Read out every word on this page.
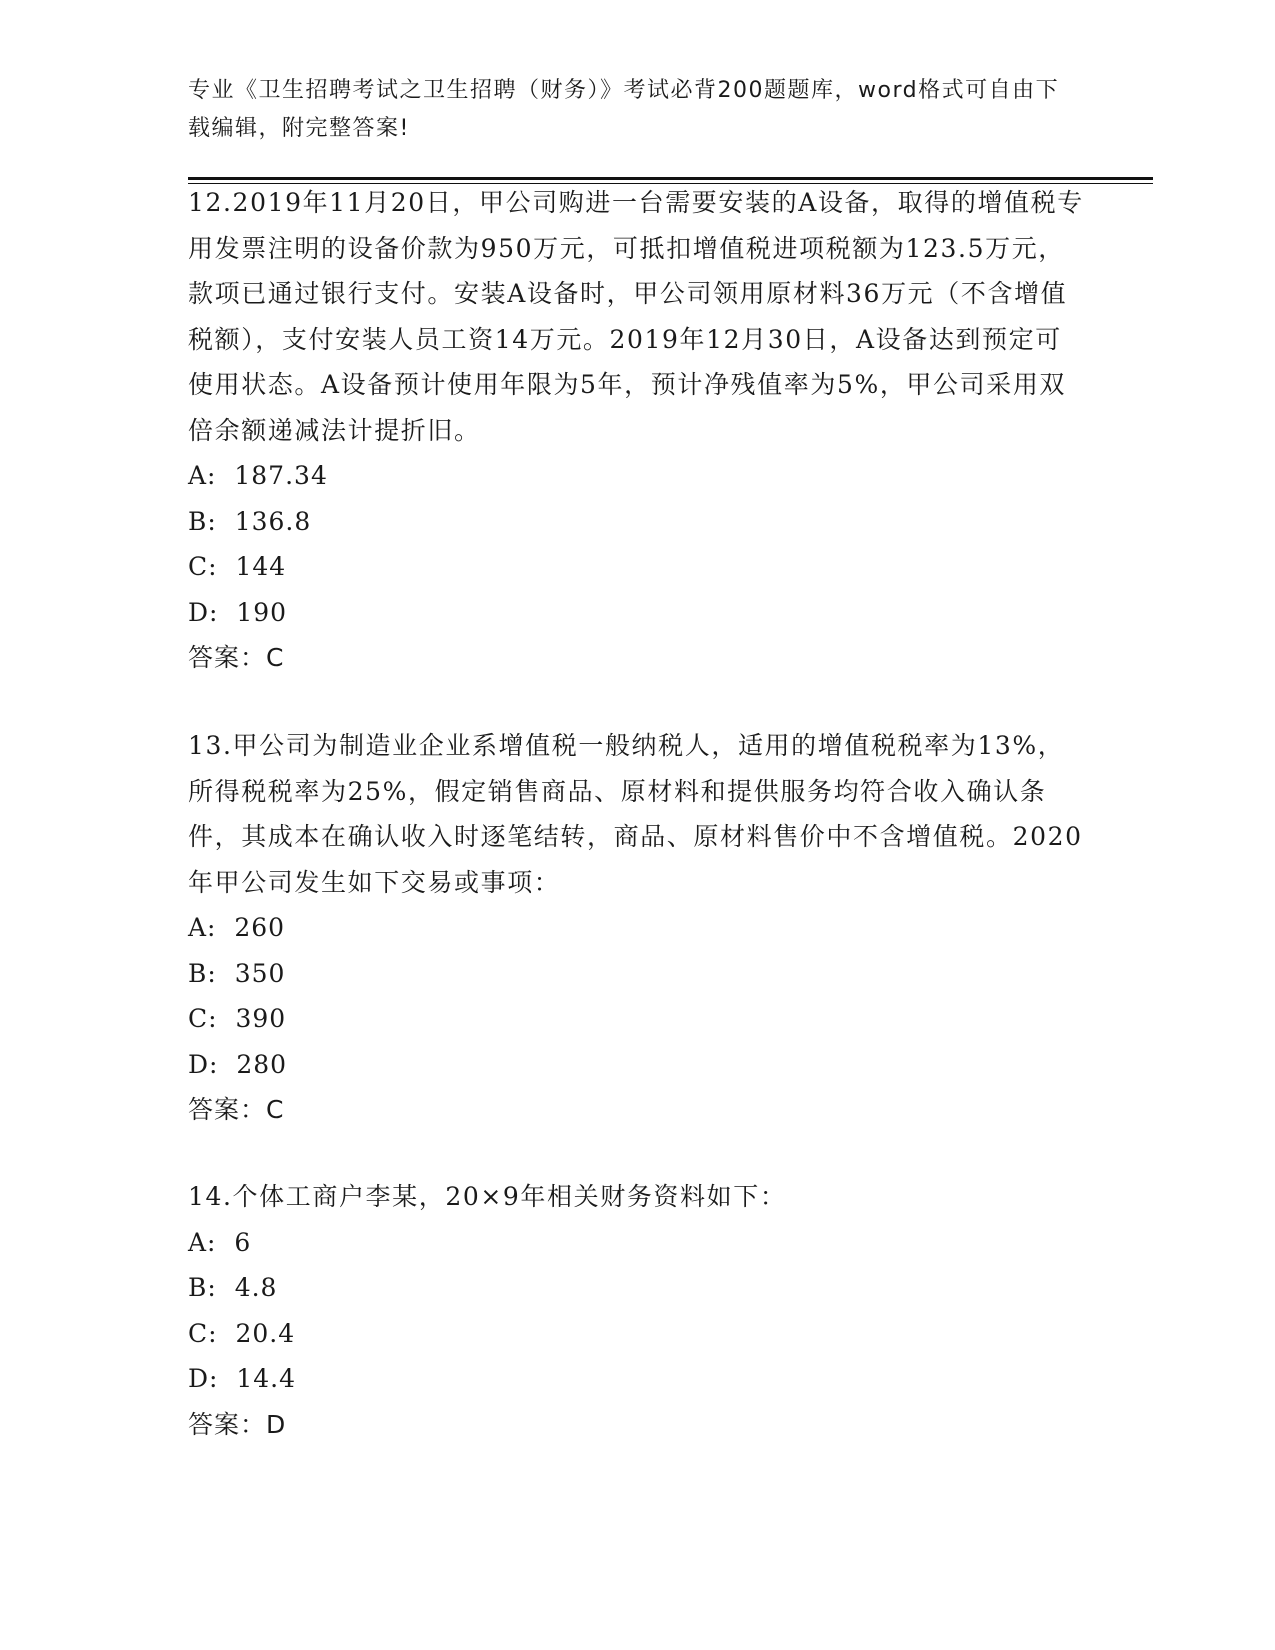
专业《卫生招聘考试之卫生招聘（财务）》考试必背200题题库，word格式可自由下载编辑，附完整答案!

12.2019年11月20日，甲公司购进一台需要安装的A设备，取得的增值税专用发票注明的设备价款为950万元，可抵扣增值税进项税额为123.5万元，款项已通过银行支付。安装A设备时，甲公司领用原材料36万元（不含增值税额），支付安装人员工资14万元。2019年12月30日，A设备达到预定可使用状态。A设备预计使用年限为5年，预计净残值率为5%，甲公司采用双倍余额递减法计提折旧。

A:  187.34

B:  136.8

C:  144

D:  190

答案：C

13.甲公司为制造业企业系增值税一般纳税人，适用的增值税税率为13%，所得税税率为25%，假定销售商品、原材料和提供服务均符合收入确认条件，其成本在确认收入时逐笔结转，商品、原材料售价中不含增值税。2020年甲公司发生如下交易或事项：

A:  260

B:  350

C:  390

D:  280

答案：C

14.个体工商户李某，20×9年相关财务资料如下：

A:  6

B:  4.8

C:  20.4

D:  14.4

答案：D
